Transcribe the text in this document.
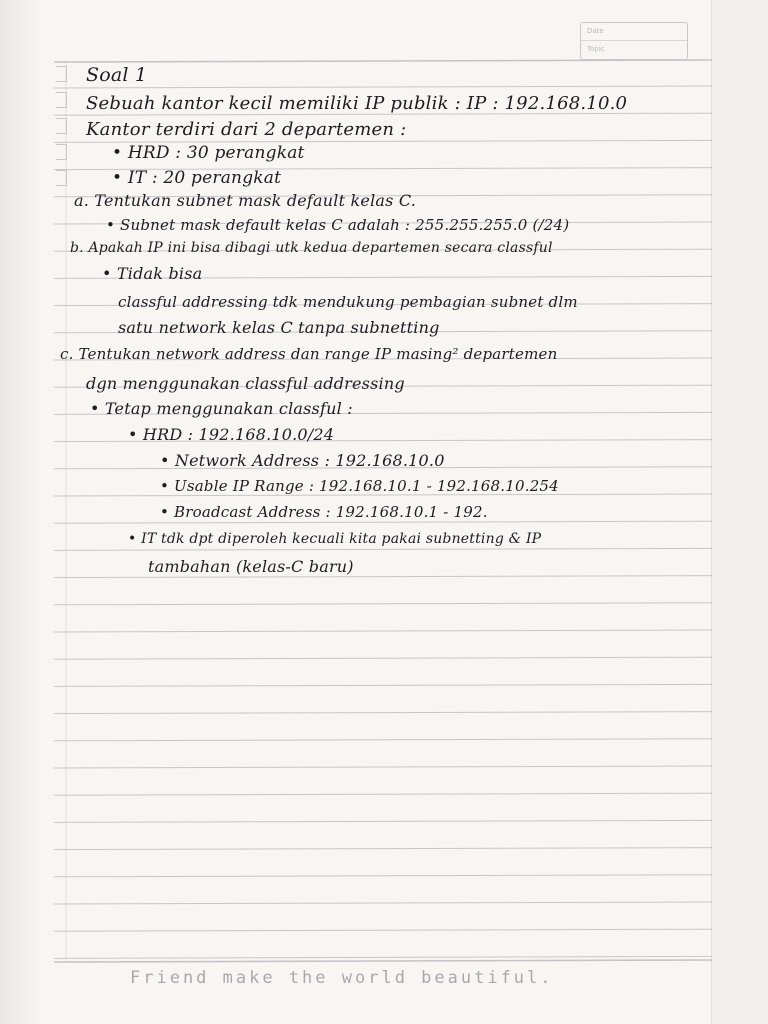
Date
Topic
Soal 1
Sebuah kantor kecil memiliki IP publik : IP : 192.168.10.0
Kantor terdiri dari 2 departemen :
• HRD : 30 perangkat
• IT : 20 perangkat
a. Tentukan subnet mask default kelas C.
• Subnet mask default kelas C adalah : 255.255.255.0 (/24)
b. Apakah IP ini bisa dibagi utk kedua departemen secara classful
• Tidak bisa
classful addressing tdk mendukung pembagian subnet dlm
satu network kelas C tanpa subnetting
c. Tentukan network address dan range IP masing² departemen
dgn menggunakan classful addressing
• Tetap menggunakan classful :
• HRD : 192.168.10.0/24
• Network Address : 192.168.10.0
• Usable IP Range : 192.168.10.1 - 192.168.10.254
• Broadcast Address : 192.168.10.1 - 192.
• IT tdk dpt diperoleh kecuali kita pakai subnetting & IP
tambahan (kelas-C baru)
Friend make the world beautiful.
